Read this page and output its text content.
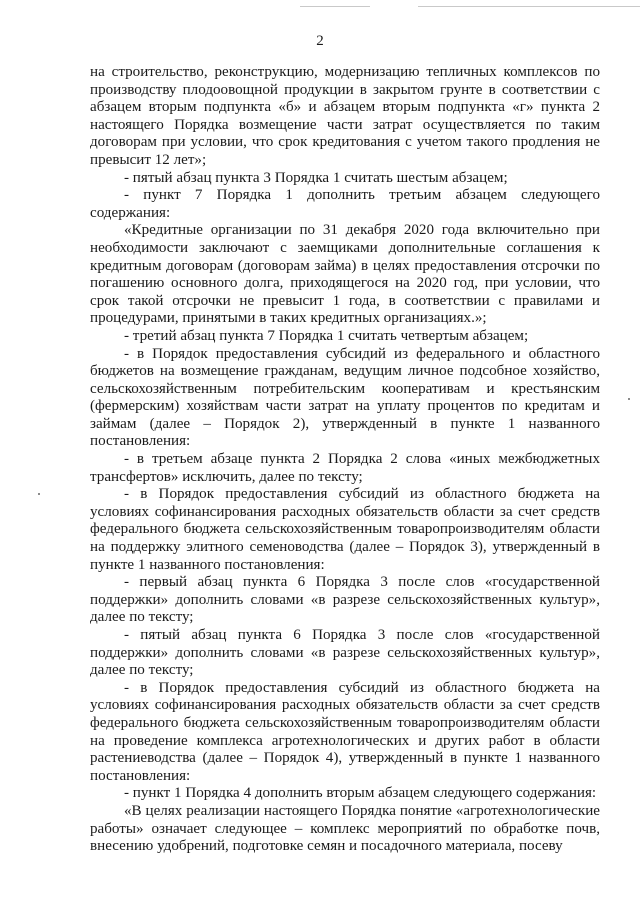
2

на строительство, реконструкцию, модернизацию тепличных комплексов по производству плодоовощной продукции в закрытом грунте в соответствии с абзацем вторым подпункта «б» и абзацем вторым подпункта «г» пункта 2 настоящего Порядка возмещение части затрат осуществляется по таким договорам при условии, что срок кредитования с учетом такого продления не превысит 12 лет»;

- пятый абзац пункта 3 Порядка 1 считать шестым абзацем;

- пункт 7 Порядка 1 дополнить третьим абзацем следующего содержания:

«Кредитные организации по 31 декабря 2020 года включительно при необходимости заключают с заемщиками дополнительные соглашения к кредитным договорам (договорам займа) в целях предоставления отсрочки по погашению основного долга, приходящегося на 2020 год, при условии, что срок такой отсрочки не превысит 1 года, в соответствии с правилами и процедурами, принятыми в таких кредитных организациях.»;

- третий абзац пункта 7 Порядка 1 считать четвертым абзацем;

- в Порядок предоставления субсидий из федерального и областного бюджетов на возмещение гражданам, ведущим личное подсобное хозяйство, сельскохозяйственным потребительским кооперативам и крестьянским (фермерским) хозяйствам части затрат на уплату процентов по кредитам и займам (далее – Порядок 2), утвержденный в пункте 1 названного постановления:

- в третьем абзаце пункта 2 Порядка 2 слова «иных межбюджетных трансфертов» исключить, далее по тексту;

- в Порядок предоставления субсидий из областного бюджета на условиях софинансирования расходных обязательств области за счет средств федерального бюджета сельскохозяйственным товаропроизводителям области на поддержку элитного семеноводства (далее – Порядок 3), утвержденный в пункте 1 названного постановления:

- первый абзац пункта 6 Порядка 3 после слов «государственной поддержки» дополнить словами «в разрезе сельскохозяйственных культур», далее по тексту;

- пятый абзац пункта 6 Порядка 3 после слов «государственной поддержки» дополнить словами «в разрезе сельскохозяйственных культур», далее по тексту;

- в Порядок предоставления субсидий из областного бюджета на условиях софинансирования расходных обязательств области за счет средств федерального бюджета сельскохозяйственным товаропроизводителям области на проведение комплекса агротехнологических и других работ в области растениеводства (далее – Порядок 4), утвержденный в пункте 1 названного постановления:

- пункт 1 Порядка 4 дополнить вторым абзацем следующего содержания:

«В целях реализации настоящего Порядка понятие «агротехнологические работы» означает следующее – комплекс мероприятий по обработке почв, внесению удобрений, подготовке семян и посадочного материала, посеву
